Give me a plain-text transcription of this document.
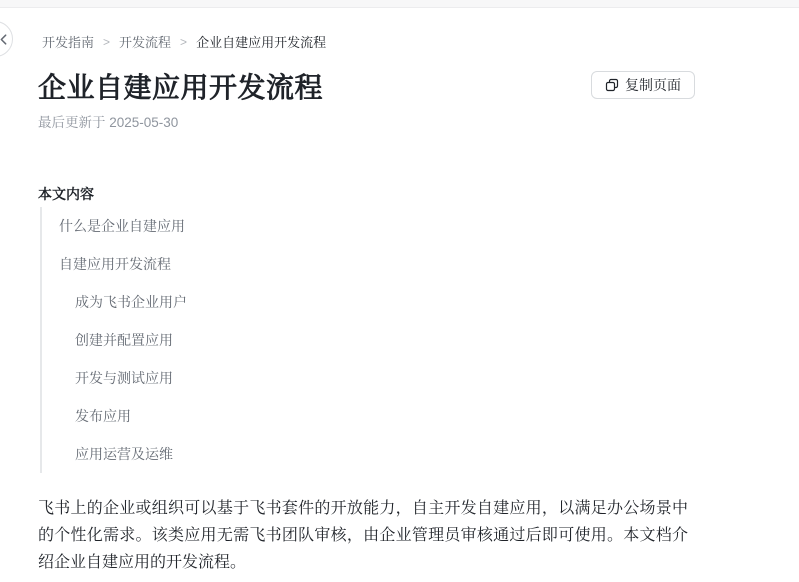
开发指南 > 开发流程 > 企业自建应用开发流程
企业自建应用开发流程
最后更新于 2025-05-30
复制页面
本文内容
什么是企业自建应用
自建应用开发流程
成为飞书企业用户
创建并配置应用
开发与测试应用
发布应用
应用运营及运维

飞书上的企业或组织可以基于飞书套件的开放能力，自主开发自建应用，以满足办公场景中的个性化需求。该类应用无需飞书团队审核，由企业管理员审核通过后即可使用。本文档介绍企业自建应用的开发流程。
